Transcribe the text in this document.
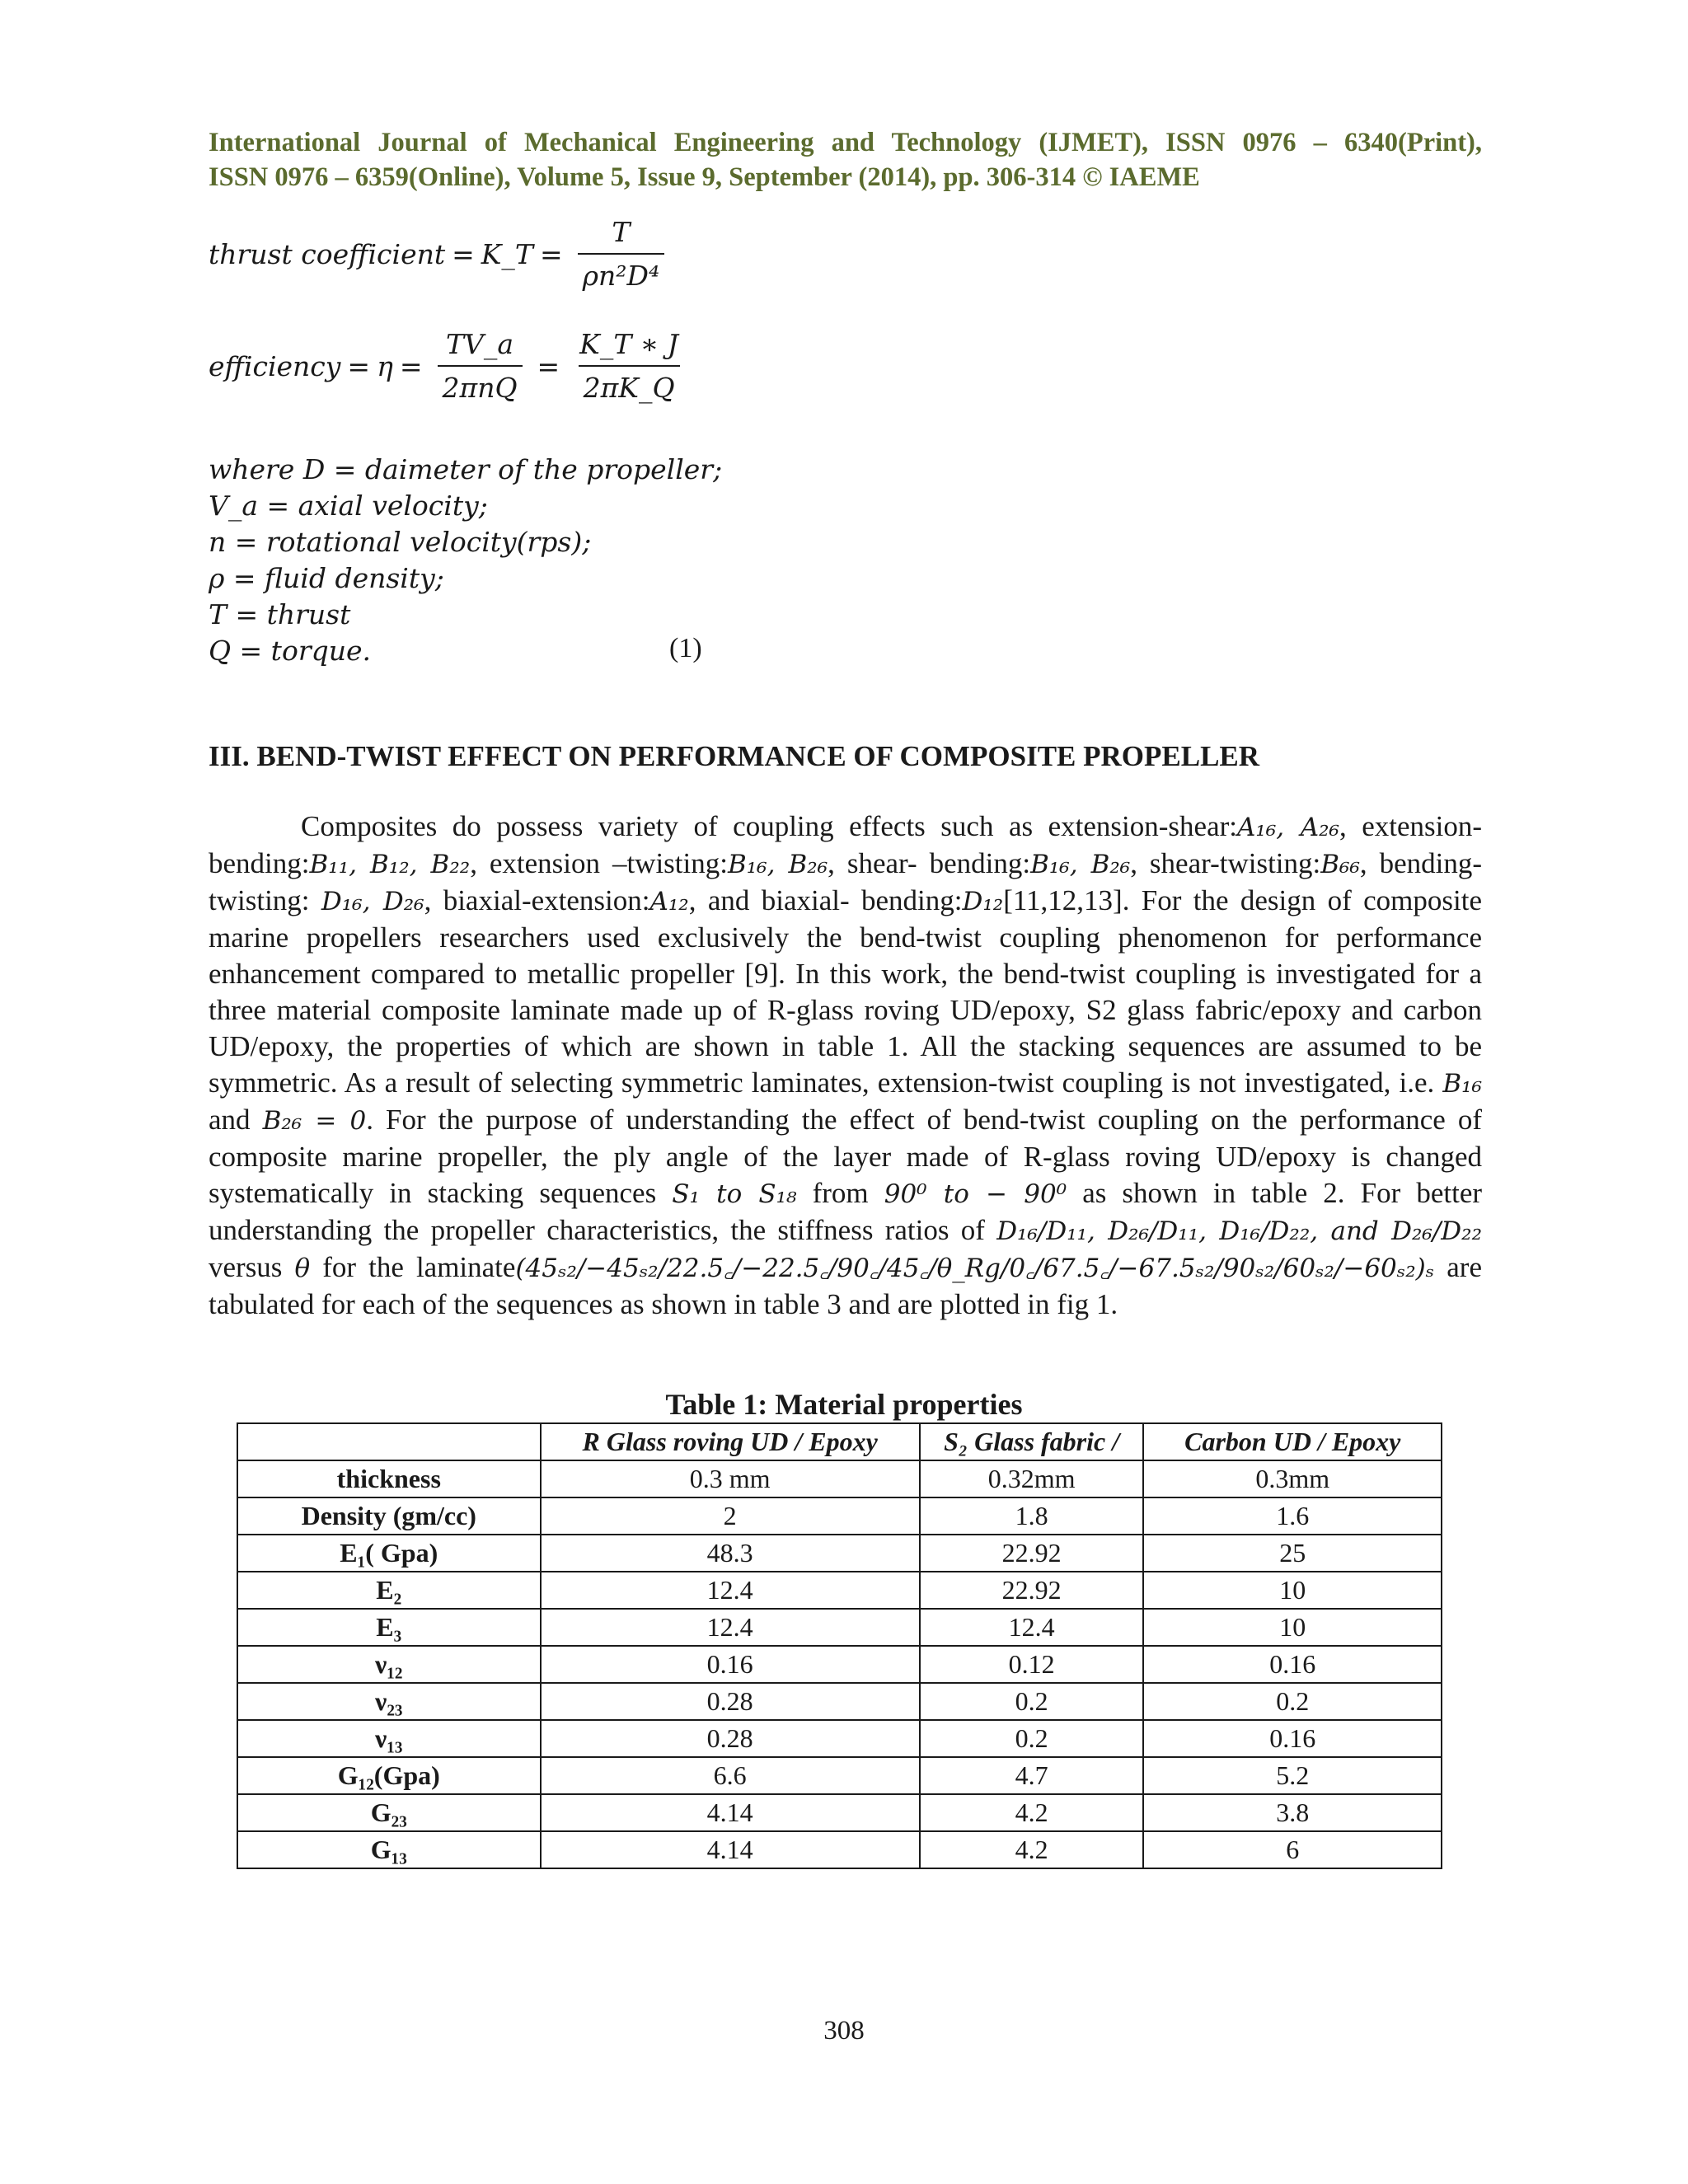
International Journal of Mechanical Engineering and Technology (IJMET), ISSN 0976 – 6340(Print),
ISSN 0976 – 6359(Online), Volume 5, Issue 9, September (2014), pp. 306-314 © IAEME
thrust coefficient = K_T = $\frac{T}{\text{ρn²D⁴}}$
efficiency = $\eta = \frac{TV\_a}{\text{2πnQ}} = \frac{K\_T ∗ J}{2\pi K\_Q}$
where D = daimeter of the propeller;
V_a = axial velocity;
n = rotational velocity(rps);
ρ = fluid density;
T = thrust
Q = torque.	(1)
III. BEND-TWIST EFFECT ON PERFORMANCE OF COMPOSITE PROPELLER
Composites do possess variety of coupling effects such as extension-shear:A₁₆, A₂₆, extension-bending:B₁₁, B₁₂, B₂₂, extension –twisting:B₁₆, B₂₆, shear- bending:B₁₆, B₂₆, shear-twisting:B₆₆, bending- twisting: D₁₆, D₂₆, biaxial-extension:A₁₂, and biaxial- bending:D₁₂[11,12,13]. For the design of composite marine propellers researchers used exclusively the bend-twist coupling phenomenon for performance enhancement compared to metallic propeller [9]. In this work, the bend-twist coupling is investigated for a three material composite laminate made up of R-glass roving UD/epoxy, S2 glass fabric/epoxy and carbon UD/epoxy, the properties of which are shown in table 1. All the stacking sequences are assumed to be symmetric. As a result of selecting symmetric laminates, extension-twist coupling is not investigated, i.e. B₁₆ and B₂₆ = 0. For the purpose of understanding the effect of bend-twist coupling on the performance of composite marine propeller, the ply angle of the layer made of R-glass roving UD/epoxy is changed systematically in stacking sequences S₁ to S₁₈ from 90⁰ to − 90⁰ as shown in table 2. For better understanding the propeller characteristics, the stiffness ratios of D₁₆/D₁₁, D₂₆/D₁₁, D₁₆/D₂₂, and D₂₆/D₂₂ versus θ for the laminate(45ₛ₂/−45ₛ₂/22.5꜀/−22.5꜀/90꜀/45꜀/θ_Rg/0꜀/67.5꜀/−67.5ₛ₂/90ₛ₂/60ₛ₂/−60ₛ₂)ₛ are tabulated for each of the sequences as shown in table 3 and are plotted in fig 1.
Table 1: Material properties
	R Glass roving UD / Epoxy	S₂ Glass fabric /	Carbon UD / Epoxy
thickness	0.3 mm	0.32mm	0.3mm
Density (gm/cc)	2	1.8	1.6
E₁( Gpa)	48.3	22.92	25
E₂	12.4	22.92	10
E₃	12.4	12.4	10
ν₁₂	0.16	0.12	0.16
ν₂₃	0.28	0.2	0.2
ν₁₃	0.28	0.2	0.16
G₁₂(Gpa)	6.6	4.7	5.2
G₂₃	4.14	4.2	3.8
G₁₃	4.14	4.2	6
308
